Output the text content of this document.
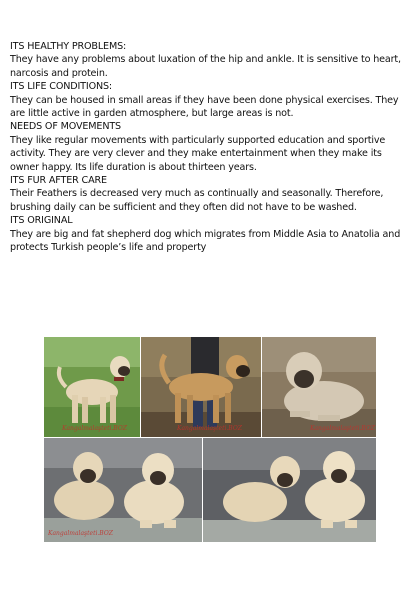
ITS HEALTHY PROBLEMS:

They have any problems about luxation of the hip and ankle. It is sensitive to heart, narcosis and protein.

ITS LIFE CONDITIONS:

They can be housed in small areas if they have been done physical exercises. They are little active in garden atmosphere, but large areas is not.

NEEDS OF MOVEMENTS

They like regular movements with particularly supported education and sportive activity. They are very clever and they make entertainment when they make its owner happy. Its life duration is about thirteen years.

ITS FUR AFTER CARE

Their Feathers is decreased very much as continually and seasonally. Therefore, brushing daily can be sufficient and they often did not have to be washed.

ITS ORIGINAL

They are big and fat shepherd dog which migrates from Middle Asia to Anatolia and protects Turkish people’s life and property

Kangalmalaşteti.BOZ	Kangalmalaşteti.BOZ	Kangalmalaşteti.BOZ
Kangalmalaşteti.BOZ
